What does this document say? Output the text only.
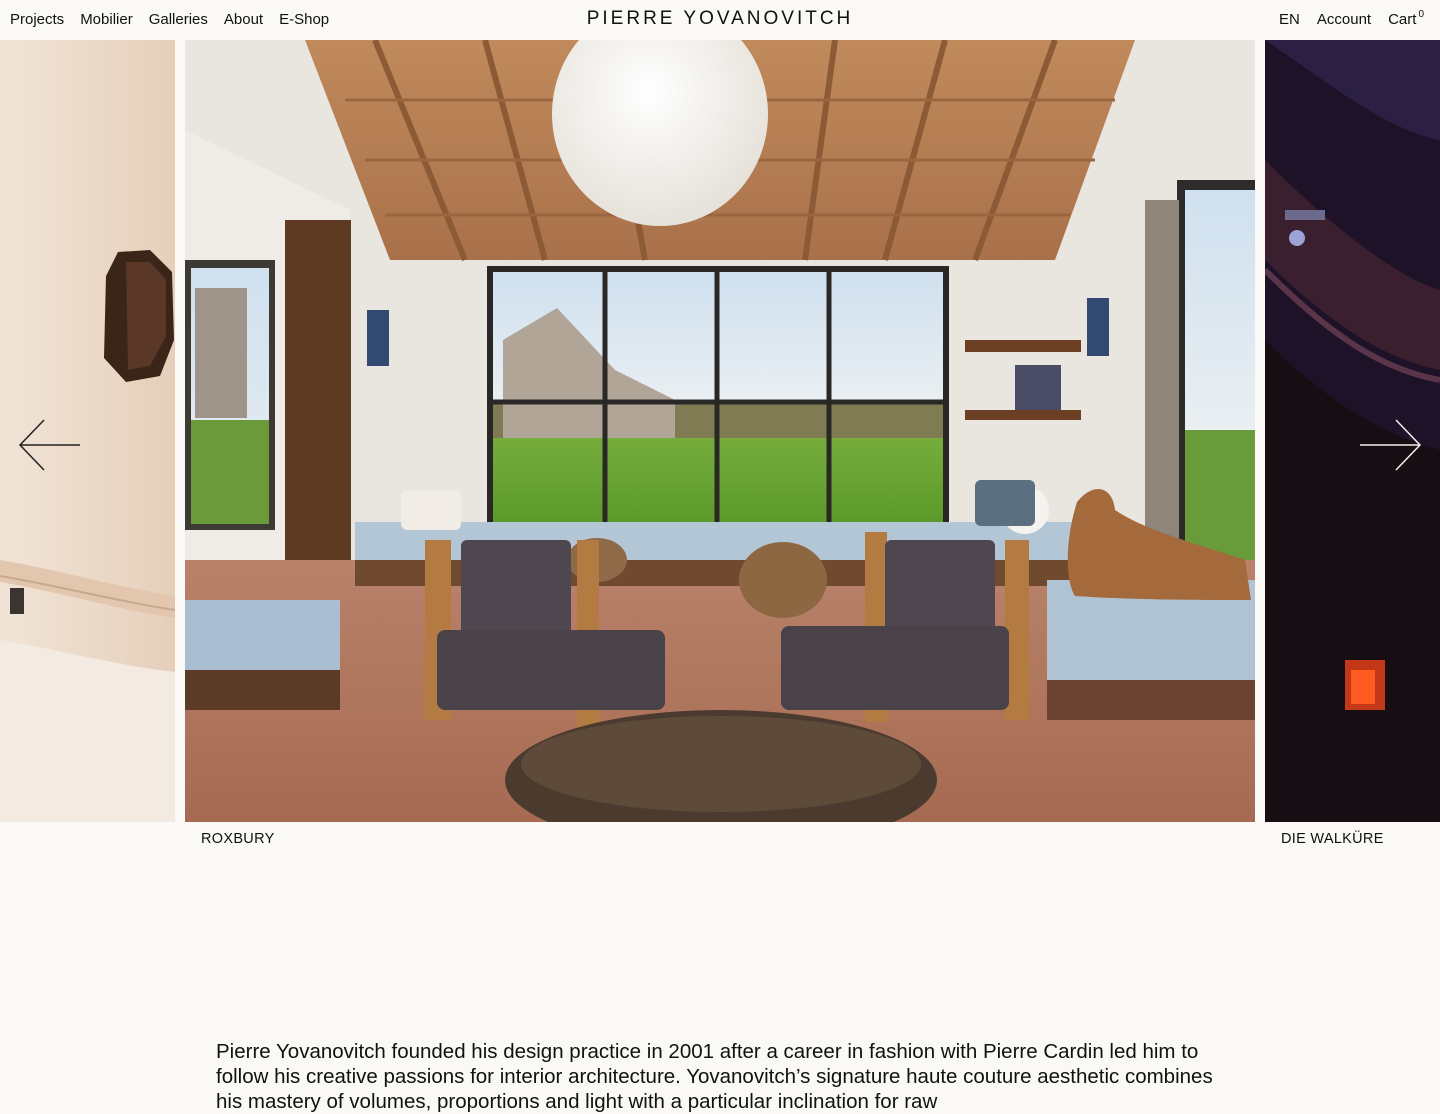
Projects Mobilier Galleries About E-Shop	PIERRE YOVANOVITCH	EN Account Cart $^0$
ROXBURY	DIE WALKÜRE

Pierre Yovanovitch founded his design practice in 2001 after a career in fashion with Pierre Cardin led him to follow his creative passions for interior architecture. Yovanovitch’s signature haute couture aesthetic combines his mastery of volumes, proportions and light with a particular inclination for raw
